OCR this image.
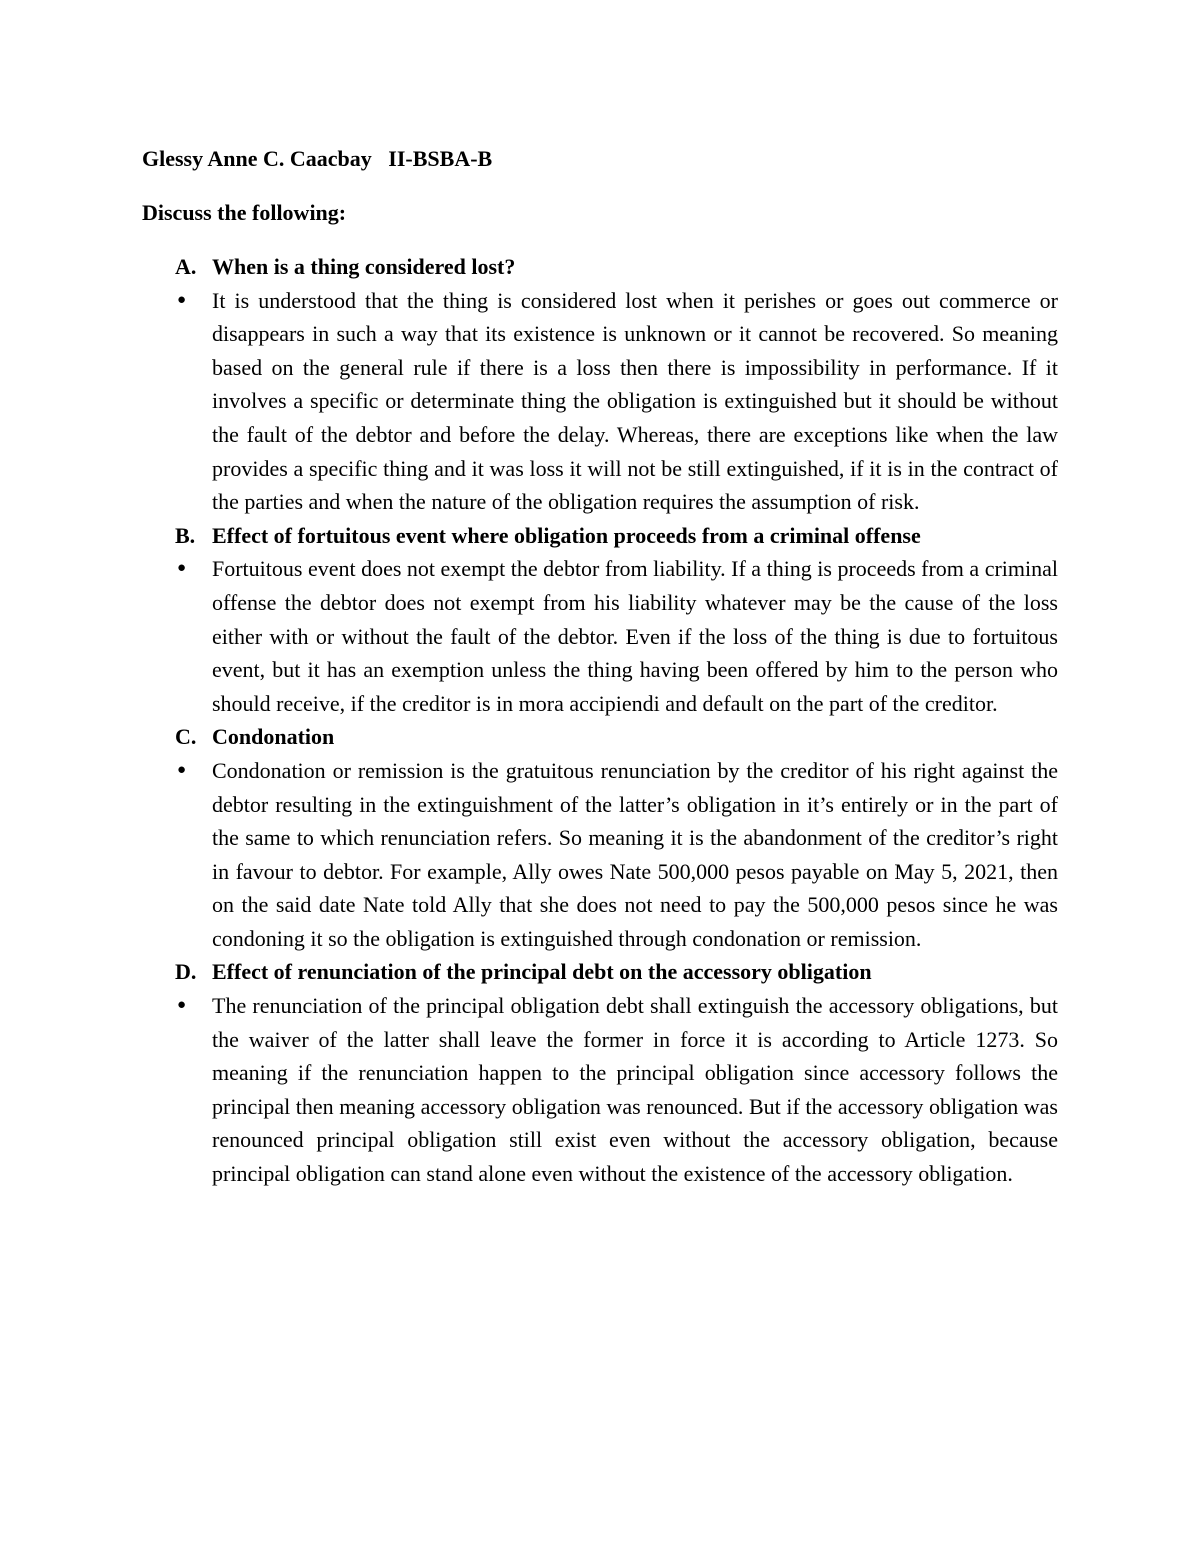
Glessy Anne C. Caacbay   II-BSBA-B
Discuss the following:
A. When is a thing considered lost?
●	It is understood that the thing is considered lost when it perishes or goes out commerce or disappears in such a way that its existence is unknown or it cannot be recovered. So meaning based on the general rule if there is a loss then there is impossibility in performance. If it involves a specific or determinate thing the obligation is extinguished but it should be without the fault of the debtor and before the delay. Whereas, there are exceptions like when the law provides a specific thing and it was loss it will not be still extinguished, if it is in the contract of the parties and when the nature of the obligation requires the assumption of risk.
B. Effect of fortuitous event where obligation proceeds from a criminal offense
●	Fortuitous event does not exempt the debtor from liability. If a thing is proceeds from a criminal offense the debtor does not exempt from his liability whatever may be the cause of the loss either with or without the fault of the debtor. Even if the loss of the thing is due to fortuitous event, but it has an exemption unless the thing having been offered by him to the person who should receive, if the creditor is in mora accipiendi and default on the part of the creditor.
C. Condonation
●	Condonation or remission is the gratuitous renunciation by the creditor of his right against the debtor resulting in the extinguishment of the latter’s obligation in it’s entirely or in the part of the same to which renunciation refers. So meaning it is the abandonment of the creditor’s right in favour to debtor. For example, Ally owes Nate 500,000 pesos payable on May 5, 2021, then on the said date Nate told Ally that she does not need to pay the 500,000 pesos since he was condoning it so the obligation is extinguished through condonation or remission.
D. Effect of renunciation of the principal debt on the accessory obligation
●	The renunciation of the principal obligation debt shall extinguish the accessory obligations, but the waiver of the latter shall leave the former in force it is according to Article 1273. So meaning if the renunciation happen to the principal obligation since accessory follows the principal then meaning accessory obligation was renounced. But if the accessory obligation was renounced principal obligation still exist even without the accessory obligation, because principal obligation can stand alone even without the existence of the accessory obligation.
